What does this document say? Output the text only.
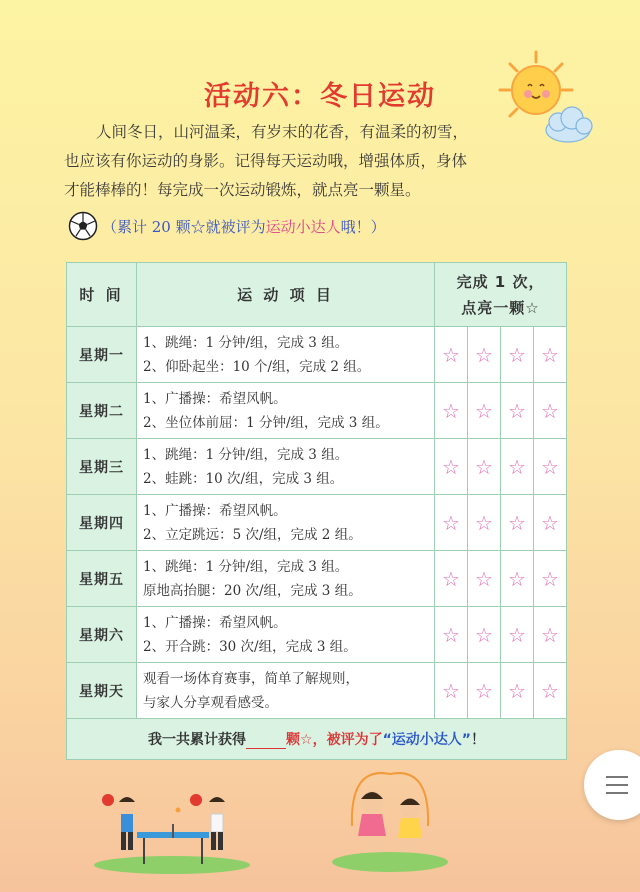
活动六：冬日运动

人间冬日，山河温柔，有岁末的花香，有温柔的初雪，

也应该有你运动的身影。记得每天运动哦，增强体质，身体

才能棒棒的！每完成一次运动锻炼，就点亮一颗星。

（累计 20 颗☆就被评为 运动小达人 哦！）
时 间	运 动 项 目	完成 1 次，
点亮一颗☆			

星期一	1、跳绳：1 分钟/组，完成 3 组。
2、仰卧起坐：10 个/组，完成 2 组。	☆	☆	☆	☆
星期二	1、广播操：希望风帆。
2、坐位体前屈：1 分钟/组，完成 3 组。	☆	☆	☆	☆
星期三	1、跳绳：1 分钟/组，完成 3 组。
2、蛙跳：10 次/组，完成 3 组。	☆	☆	☆	☆
星期四	1、广播操：希望风帆。
2、立定跳远：5 次/组，完成 2 组。	☆	☆	☆	☆
星期五	1、跳绳：1 分钟/组，完成 3 组。
原地高抬腿：20 次/组，完成 3 组。	☆	☆	☆	☆
星期六	1、广播操：希望风帆。
2、开合跳：30 次/组，完成 3 组。	☆	☆	☆	☆
星期天	观看一场体育赛事，简单了解规则，
与家人分享观看感受。	☆	☆	☆	☆
我一共累计获得 颗☆，被评为了“运动小达人”！					
